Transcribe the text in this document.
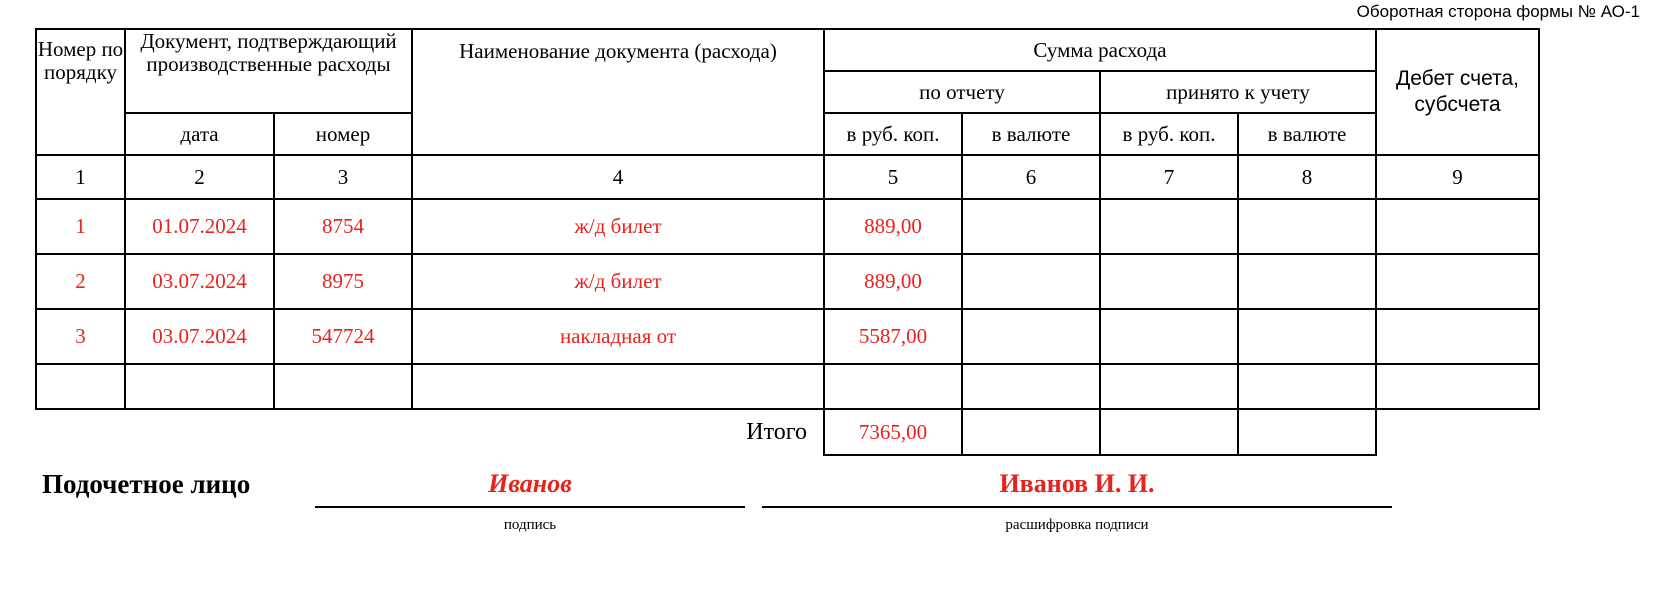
Оборотная сторона формы № АО-1
Номер по порядку	Документ, подтверждающий производственные расходы		Наименование документа (расхода)	Сумма расхода				Дебет счета, субсчета
				по отчету		принято к учету		
	дата	номер		в руб. коп.	в валюте	в руб. коп.	в валюте	
1	2	3	4	5	6	7	8	9
1	01.07.2024	8754	ж/д билет	889,00				
2	03.07.2024	8975	ж/д билет	889,00				
3	03.07.2024	547724	накладная от	5587,00				

Итого				7365,00				
Подочетное лицо	Иванов
подпись
Иванов И. И.
расшифровка подписи
